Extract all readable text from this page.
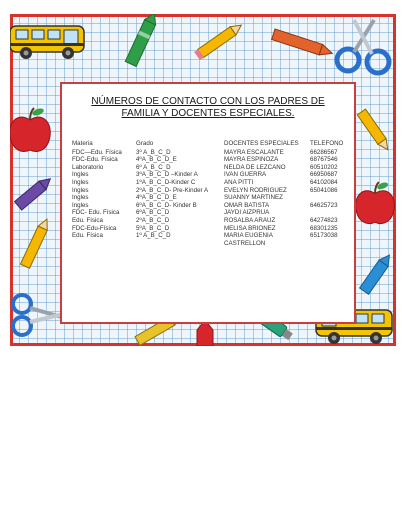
NÚMEROS DE CONTACTO CON LOS PADRES DE FAMILIA Y DOCENTES ESPECIALES.
Materia	Grado	DOCENTES ESPECIALES	TELEFONO
FDC—Edu. Física	3º A_B_C_D	MAYRA ESCALANTE	66286567
FDC-Edu. Física	4ºA_B_C_D_E	MAYRA ESPINOZA	68767546
Laboratorio	6º A_B_C_D	NELDA DE LEZCANO	60510202
Ingles	3ºA_B_C_D –Kinder A	IVAN GUERRA	66950687
Ingles	1ºA_B_C_D-Kinder C	ANA PITTI	64102084
Ingles	2ºA_B_C_D- Pre-Kinder A	EVELYN RODRIGUEZ	65041086
Ingles	4ºA_B_C_D_E	SUANNY MARTINEZ	
Ingles	6ºA_B_C_D- Kinder B	OMAR BATISTA	64625723
FDC- Edu. Física	6ºA_B_C_D	JAYDI AIZPRUA	
Edu. Física	2ºA_B_C_D	ROSALBA ARAUZ	64274823
FDC-Edu-Física	5ºA_B_C_D	MELISA BRIONEZ	68301235
Edu. Física	1º A_B_C_D	MARIA EUGENIA CASTRELLON	65173038
